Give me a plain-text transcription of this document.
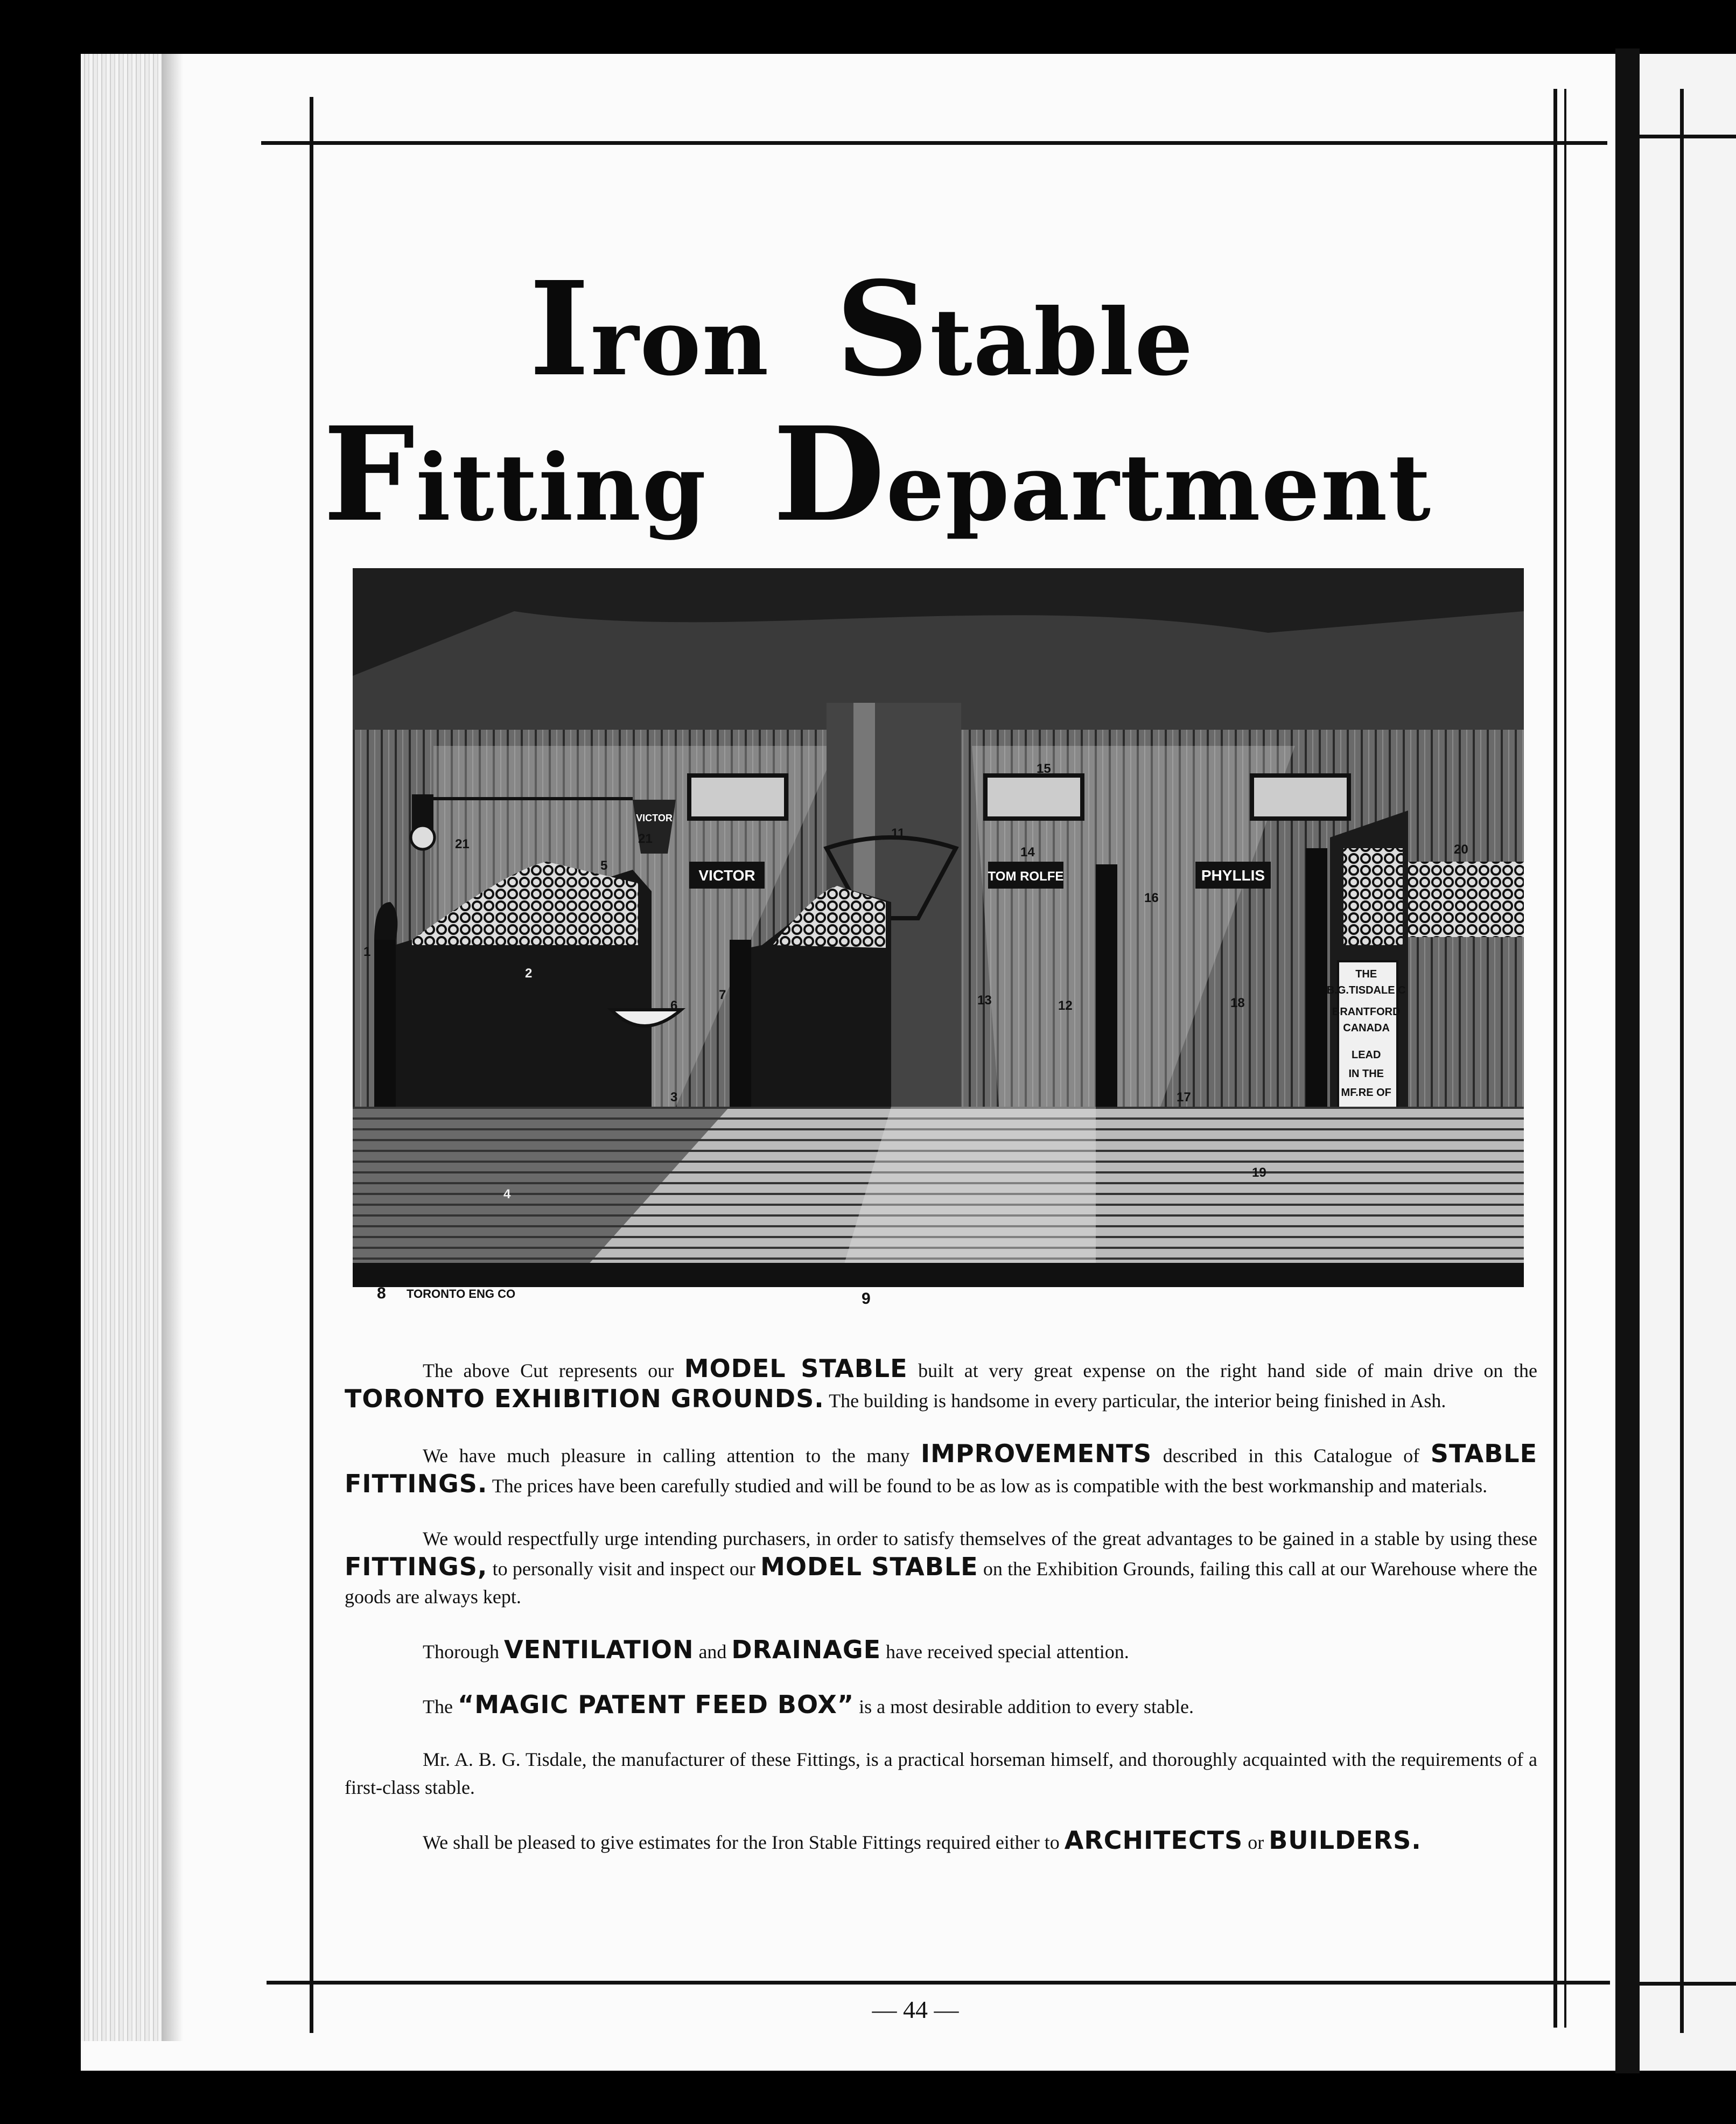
Iron Stable
Fitting Department
VICTOR	TOM ROLFE	PHYLLIS
VICTOR
THE B.G.TISDALE C BRANTFORD CANADA LEAD IN THE MF.RE OF
1
2
3
4
5
6
7
11
12
13
14
15
16
17
18
19
20
21	21
8 TORONTO ENG CO	9

The above Cut represents our MODEL STABLE built at very great expense on the right hand side of main drive on the TORONTO EXHIBITION GROUNDS. The building is handsome in every particular, the interior being finished in Ash.

We have much pleasure in calling attention to the many IMPROVEMENTS described in this Catalogue of STABLE FITTINGS. The prices have been carefully studied and will be found to be as low as is compatible with the best workmanship and materials.

We would respectfully urge intending purchasers, in order to satisfy themselves of the great advantages to be gained in a stable by using these FITTINGS, to personally visit and inspect our MODEL STABLE on the Exhibition Grounds, failing this call at our Warehouse where the goods are always kept.

Thorough VENTILATION and DRAINAGE have received special attention.

The “MAGIC PATENT FEED BOX” is a most desirable addition to every stable.

Mr. A. B. G. Tisdale, the manufacturer of these Fittings, is a practical horseman himself, and thoroughly acquainted with the requirements of a first-class stable.

We shall be pleased to give estimates for the Iron Stable Fittings required either to ARCHITECTS or BUILDERS.

— 44 —
